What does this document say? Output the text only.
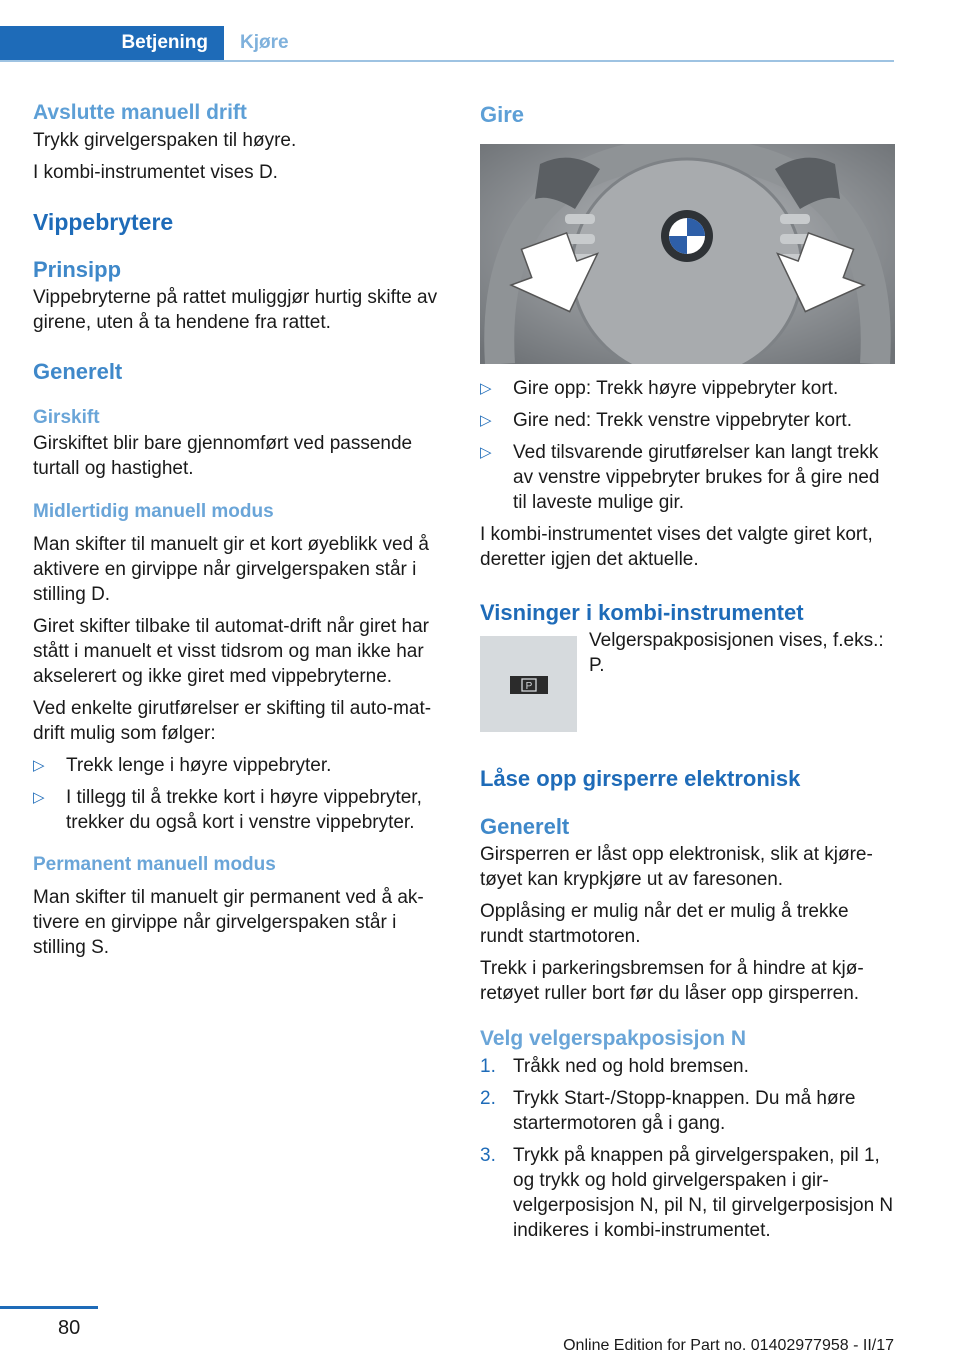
Betjening	Kjøre
Avslutte manuell drift

Trykk girvelgerspaken til høyre.

I kombi-instrumentet vises D.

Vippebrytere
Prinsipp

Vippebryterne på rattet muliggjør hurtig skifte av girene, uten å ta hendene fra rattet.

Generelt
Girskift

Girskiftet blir bare gjennomført ved passende turtall og hastighet.

Midlertidig manuell modus

Man skifter til manuelt gir et kort øyeblikk ved å aktivere en girvippe når girvelgerspaken står i stilling D.

Giret skifter tilbake til automat-drift når giret har stått i manuelt et visst tidsrom og man ikke har akselerert og ikke giret med vippebryterne.

Ved enkelte girutførelser er skifting til auto-mat-drift mulig som følger:

▷ Trekk lenge i høyre vippebryter.
▷ I tillegg til å trekke kort i høyre vippebryter, trekker du også kort i venstre vippebryter.
Permanent manuell modus

Man skifter til manuelt gir permanent ved å ak-tivere en girvippe når girvelgerspaken står i stilling S.

Gire
▷ Gire opp: Trekk høyre vippebryter kort.
▷ Gire ned: Trekk venstre vippebryter kort.
▷ Ved tilsvarende girutførelser kan langt trekk av venstre vippebryter brukes for å gire ned til laveste mulige gir.

I kombi-instrumentet vises det valgte giret kort, deretter igjen det aktuelle.

Visninger i kombi-instrumentet
P

Velgerspakposisjonen vises, f.eks.: P.

Låse opp girsperre elektronisk
Generelt

Girsperren er låst opp elektronisk, slik at kjøre-tøyet kan krypkjøre ut av faresonen.

Opplåsing er mulig når det er mulig å trekke rundt startmotoren.

Trekk i parkeringsbremsen for å hindre at kjø-retøyet ruller bort før du låser opp girsperren.

Velg velgerspakposisjon N
1. Tråkk ned og hold bremsen.
2. Trykk Start-/Stopp-knappen. Du må høre startermotoren gå i gang.
3. Trykk på knappen på girvelgerspaken, pil 1, og trykk og hold girvelgerspaken i gir-velgerposisjon N, pil N, til girvelgerposisjon N indikeres i kombi-instrumentet.
80
Online Edition for Part no. 01402977958 - II/17
